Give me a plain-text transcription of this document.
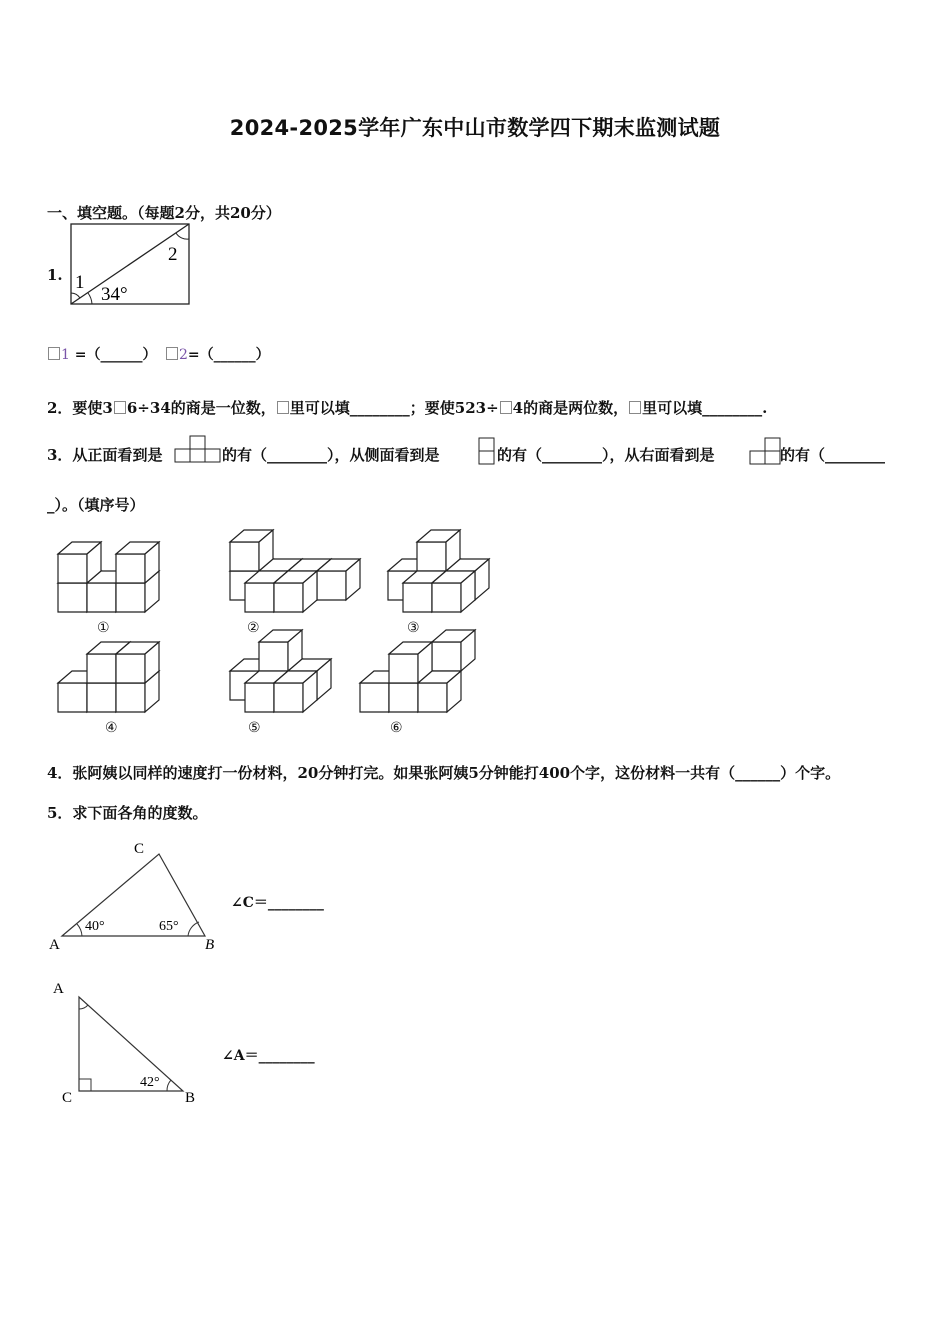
2024-2025学年广东中山市数学四下期末监测试题
一、填空题。（每题2分，共20分）
1. 1
2
34°
1 =（______）	2=（______）
2．要使3 6÷34的商是一位数， 里可以填________；要使523÷ 4的商是两位数， 里可以填________.
3．从正面看到是	的有（________），从侧面看到是	的有（________），从右面看到是	的有（________
_）。（填序号）
①	②	③
④	⑤	⑥
4．张阿姨以同样的速度打一份材料，20分钟打完。如果张阿姨5分钟能打400个字，这份材料一共有（______）个字。
5．求下面各角的度数。
C
A	B
40°	65°
∠C＝________
A
C	B
42°
∠A＝________
